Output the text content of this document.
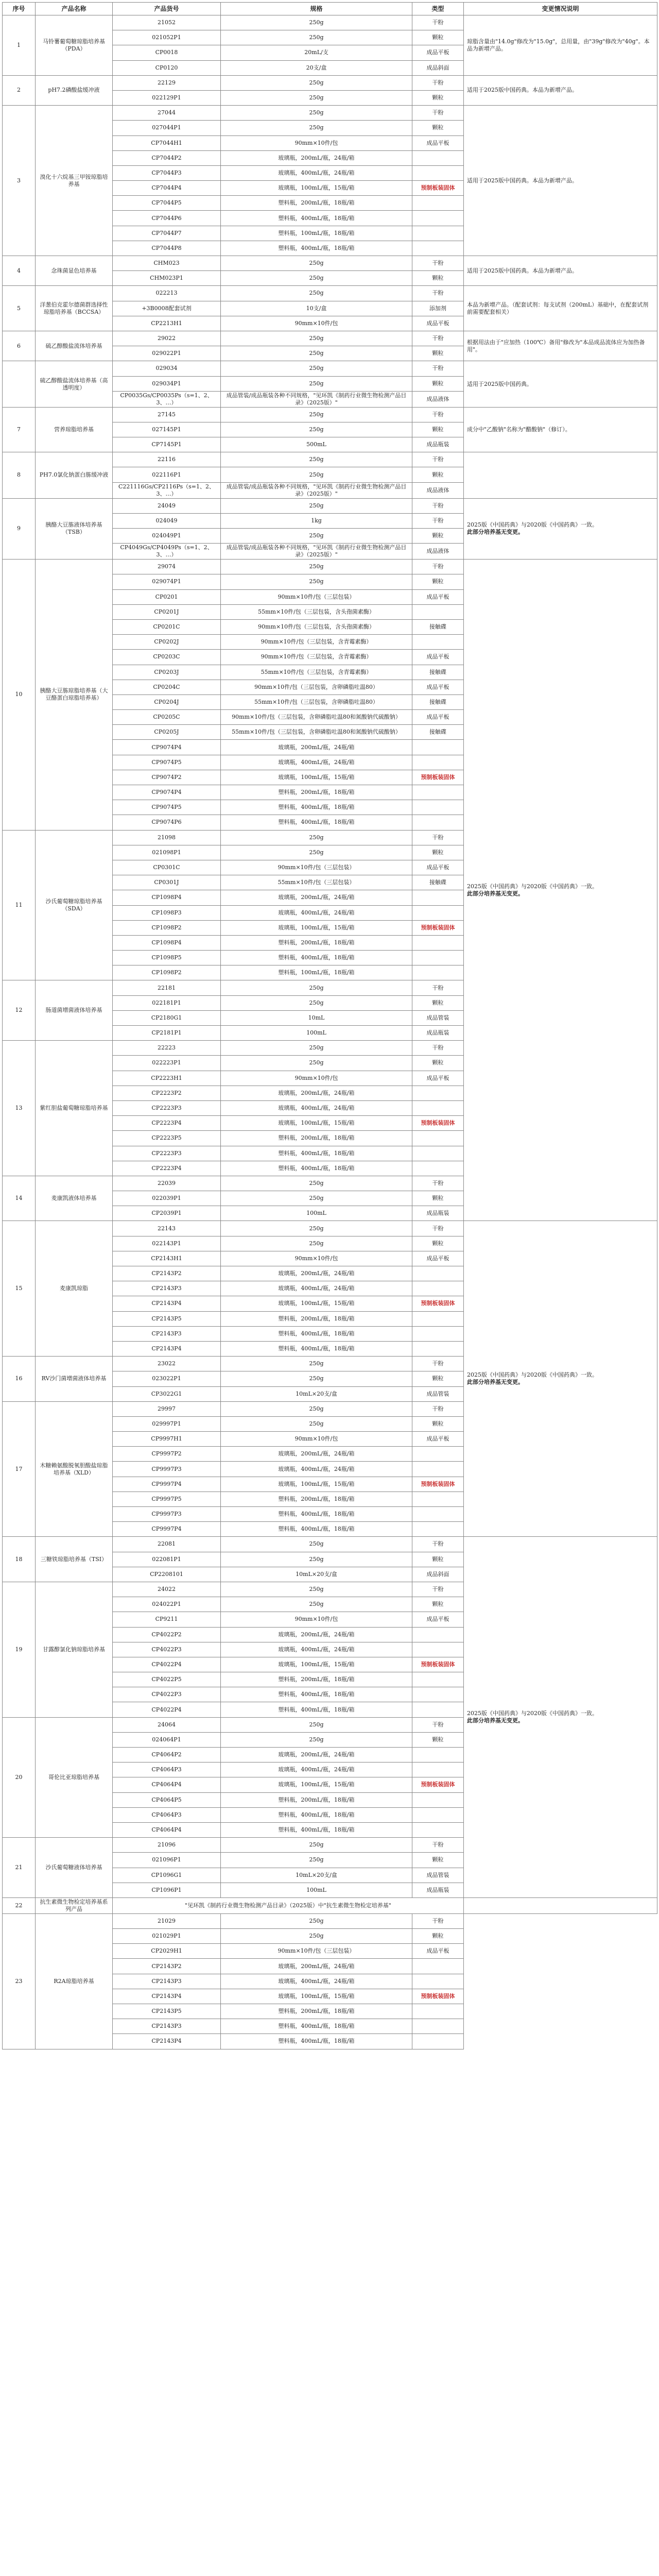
序号	产品名称	产品货号	规格	类型	变更情况说明
1	马铃薯葡萄糖琼脂培养基（PDA）	21052	250g	干粉	琼脂含量由"14.0g"修改为"15.0g"，总用量，由"39g"修改为"40g"。本品为新增产品。
		021052P1	250g	颗粒	
		CP0018	20mL/支	成品平板	
		CP0120	20支/盒	成品斜面	
2	pH7.2磷酸盐缓冲液	22129	250g	干粉	适用于2025版中国药典。本品为新增产品。
		022129P1	250g	颗粒	
3	溴化十六烷基三甲铵琼脂培养基	27044	250g	干粉	适用于2025版中国药典。本品为新增产品。
		027044P1	250g	颗粒	
		CP7044H1	90mm×10件/包	成品平板	
		CP7044P2	玻璃瓶，200mL/瓶，24瓶/箱		
		CP7044P3	玻璃瓶，400mL/瓶，24瓶/箱		
		CP7044P4	玻璃瓶，100mL/瓶，15瓶/箱	预制板装固体	
		CP7044P5	塑料瓶，200mL/瓶，18瓶/箱		
		CP7044P6	塑料瓶，400mL/瓶，18瓶/箱		
		CP7044P7	塑料瓶，100mL/瓶，18瓶/箱		
		CP7044P8	塑料瓶，400mL/瓶，18瓶/箱		
4	念珠菌显色培养基	CHM023	250g	干粉	适用于2025版中国药典。本品为新增产品。
		CHM023P1	250g	颗粒	
5	洋葱伯克霍尔德菌群选择性琼脂培养基（BCCSA）	022213	250g	干粉	本品为新增产品。（配套试剂：每支试剂（200mL）基础中，在配套试剂前需要配套相关）
		+3B0008配套试剂	10支/盒	添加剂	
		CP2213H1	90mm×10件/包	成品平板	
6	硫乙醇酸盐流体培养基	29022	250g	干粉	根据用法由于"应加热（100℃）备用"修改为"本品成品流体应为加热备用"。
		029022P1	250g	颗粒	
	硫乙醇酸盐流体培养基（高透明度）	029034	250g	干粉	适用于2025版中国药典。
		029034P1	250g	颗粒	
		CP0035Gs/CP0035Ps（s=1、2、3、…）	成品管装/成品瓶装各种不同规格，"见环凯《制药行业微生物检测产品目录》（2025版）"	成品液体	
7	营养琼脂培养基	27145	250g	干粉	成分中"乙酸钠"名称为"醋酸钠"（修订）。
		027145P1	250g	颗粒	
		CP7145P1	500mL	成品瓶装	
8	PH7.0氯化钠蛋白胨缓冲液	22116	250g	干粉	
		022116P1	250g	颗粒	
		C221116Gs/CP2116Ps（s=1、2、3、…）	成品管装/成品瓶装各种不同规格，"见环凯《制药行业微生物检测产品目录》（2025版）"	成品液体	
9	胰酪大豆胨液体培养基（TSB）	24049	250g	干粉	2025版《中国药典》与2020版《中国药典》一致。
此部分培养基无变更。
		024049	1kg	干粉	
		024049P1	250g	颗粒	
		CP4049Gs/CP4049Ps（s=1、2、3、…）	成品管装/成品瓶装各种不同规格，"见环凯《制药行业微生物检测产品目录》（2025版）"	成品液体	
10	胰酪大豆胨琼脂培养基（大豆酪蛋白琼脂培养基）	29074	250g	干粉	2025版《中国药典》与2020版《中国药典》一致。
此部分培养基无变更。
		029074P1	250g	颗粒	
		CP0201	90mm×10件/包（三层包装）	成品平板	
		CP0201J	55mm×10件/包（三层包装，含头孢菌素酶）		
		CP0201C	90mm×10件/包（三层包装，含头孢菌素酶）	接触碟	
		CP0202J	90mm×10件/包（三层包装，含青霉素酶）		
		CP0203C	90mm×10件/包（三层包装，含青霉素酶）	成品平板	
		CP0203J	55mm×10件/包（三层包装，含青霉素酶）	接触碟	
		CP0204C	90mm×10件/包（三层包装，含卵磷脂吐温80）	成品平板	
		CP0204J	55mm×10件/包（三层包装，含卵磷脂吐温80）	接触碟	
		CP0205C	90mm×10件/包（三层包装，含卵磷脂吐温80和氮酸钠代硫酸钠）	成品平板	
		CP0205J	55mm×10件/包（三层包装，含卵磷脂吐温80和氮酸钠代硫酸钠）	接触碟	
		CP9074P4	玻璃瓶，200mL/瓶，24瓶/箱		
		CP9074P5	玻璃瓶，400mL/瓶，24瓶/箱		
		CP9074P2	玻璃瓶，100mL/瓶，15瓶/箱	预制板装固体	
		CP9074P4	塑料瓶，200mL/瓶，18瓶/箱		
		CP9074P5	塑料瓶，400mL/瓶，18瓶/箱		
		CP9074P6	塑料瓶，400mL/瓶，18瓶/箱		
11	沙氏葡萄糖琼脂培养基（SDA）	21098	250g	干粉	
		021098P1	250g	颗粒	
		CP0301C	90mm×10件/包（三层包装）	成品平板	
		CP0301J	55mm×10件/包（三层包装）	接触碟	
		CP1098P4	玻璃瓶，200mL/瓶，24瓶/箱		
		CP1098P3	玻璃瓶，400mL/瓶，24瓶/箱		
		CP1098P2	玻璃瓶，100mL/瓶，15瓶/箱	预制板装固体	
		CP1098P4	塑料瓶，200mL/瓶，18瓶/箱		
		CP1098P5	塑料瓶，400mL/瓶，18瓶/箱		
		CP1098P2	塑料瓶，100mL/瓶，18瓶/箱		
12	肠道菌增菌液体培养基	22181	250g	干粉	
		022181P1	250g	颗粒	
		CP2180G1	10mL	成品管装	
		CP2181P1	100mL	成品瓶装	
13	紫红胆盐葡萄糖琼脂培养基	22223	250g	干粉	
		022223P1	250g	颗粒	
		CP2223H1	90mm×10件/包	成品平板	
		CP2223P2	玻璃瓶，200mL/瓶，24瓶/箱		
		CP2223P3	玻璃瓶，400mL/瓶，24瓶/箱		
		CP2223P4	玻璃瓶，100mL/瓶，15瓶/箱	预制板装固体	
		CP2223P5	塑料瓶，200mL/瓶，18瓶/箱		
		CP2223P3	塑料瓶，400mL/瓶，18瓶/箱		
		CP2223P4	塑料瓶，400mL/瓶，18瓶/箱		
14	麦康凯液体培养基	22039	250g	干粉	
		022039P1	250g	颗粒	
		CP2039P1	100mL	成品瓶装	
15	麦康凯琼脂	22143	250g	干粉	2025版《中国药典》与2020版《中国药典》一致。
此部分培养基无变更。
		022143P1	250g	颗粒	
		CP2143H1	90mm×10件/包	成品平板	
		CP2143P2	玻璃瓶，200mL/瓶，24瓶/箱		
		CP2143P3	玻璃瓶，400mL/瓶，24瓶/箱		
		CP2143P4	玻璃瓶，100mL/瓶，15瓶/箱	预制板装固体	
		CP2143P5	塑料瓶，200mL/瓶，18瓶/箱		
		CP2143P3	塑料瓶，400mL/瓶，18瓶/箱		
		CP2143P4	塑料瓶，400mL/瓶，18瓶/箱		
16	RV沙门菌增菌液体培养基	23022	250g	干粉	
		023022P1	250g	颗粒	
		CP3022G1	10mL×20支/盒	成品管装	
17	木糖赖氨酸脱氧胆酸盐琼脂培养基（XLD）	29997	250g	干粉	
		029997P1	250g	颗粒	
		CP9997H1	90mm×10件/包	成品平板	
		CP9997P2	玻璃瓶，200mL/瓶，24瓶/箱		
		CP9997P3	玻璃瓶，400mL/瓶，24瓶/箱		
		CP9997P4	玻璃瓶，100mL/瓶，15瓶/箱	预制板装固体	
		CP9997P5	塑料瓶，200mL/瓶，18瓶/箱		
		CP9997P3	塑料瓶，400mL/瓶，18瓶/箱		
		CP9997P4	塑料瓶，400mL/瓶，18瓶/箱		
18	三糖铁琼脂培养基（TSI）	22081	250g	干粉	2025版《中国药典》与2020版《中国药典》一致。
此部分培养基无变更。
		022081P1	250g	颗粒	
		CP2208101	10mL×20支/盒	成品斜面	
19	甘露醇氯化钠琼脂培养基	24022	250g	干粉	
		024022P1	250g	颗粒	
		CP9211	90mm×10件/包	成品平板	
		CP4022P2	玻璃瓶，200mL/瓶，24瓶/箱		
		CP4022P3	玻璃瓶，400mL/瓶，24瓶/箱		
		CP4022P4	玻璃瓶，100mL/瓶，15瓶/箱	预制板装固体	
		CP4022P5	塑料瓶，200mL/瓶，18瓶/箱		
		CP4022P3	塑料瓶，400mL/瓶，18瓶/箱		
		CP4022P4	塑料瓶，400mL/瓶，18瓶/箱		
20	哥伦比亚琼脂培养基	24064	250g	干粉	
		024064P1	250g	颗粒	
		CP4064P2	玻璃瓶，200mL/瓶，24瓶/箱		
		CP4064P3	玻璃瓶，400mL/瓶，24瓶/箱		
		CP4064P4	玻璃瓶，100mL/瓶，15瓶/箱	预制板装固体	
		CP4064P5	塑料瓶，200mL/瓶，18瓶/箱		
		CP4064P3	塑料瓶，400mL/瓶，18瓶/箱		
		CP4064P4	塑料瓶，400mL/瓶，18瓶/箱		
21	沙氏葡萄糖液体培养基	21096	250g	干粉	
		021096P1	250g	颗粒	
		CP1096G1	10mL×20支/盒	成品管装	
		CP1096P1	100mL	成品瓶装	
22	抗生素微生物检定培养基系列产品	"见环凯《制药行业微生物检测产品目录》（2025版）中"抗生素微生物检定培养基"			
23	R2A琼脂培养基	21029	250g	干粉	
		021029P1	250g	颗粒	
		CP2029H1	90mm×10件/包（三层包装）	成品平板	
		CP2143P2	玻璃瓶，200mL/瓶，24瓶/箱		
		CP2143P3	玻璃瓶，400mL/瓶，24瓶/箱		
		CP2143P4	玻璃瓶，100mL/瓶，15瓶/箱	预制板装固体	
		CP2143P5	塑料瓶，200mL/瓶，18瓶/箱		
		CP2143P3	塑料瓶，400mL/瓶，18瓶/箱		
		CP2143P4	塑料瓶，400mL/瓶，18瓶/箱		
